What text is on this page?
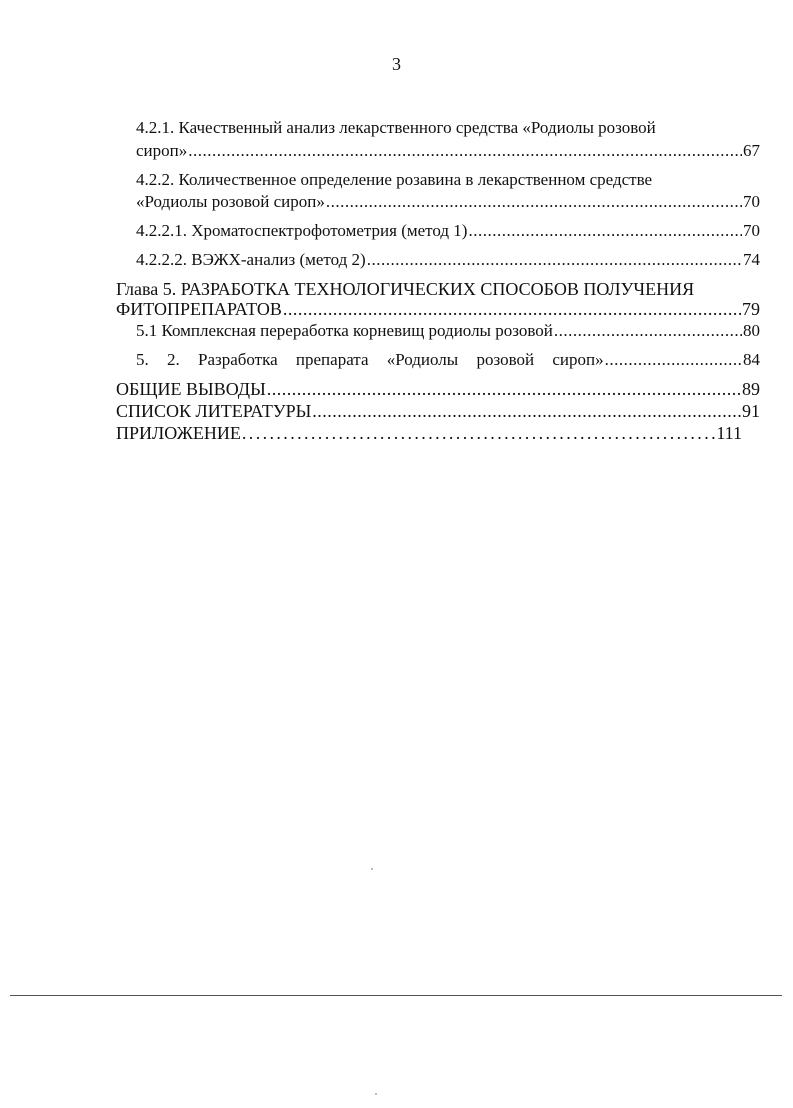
3
4.2.1. Качественный анализ лекарственного средства «Родиолы розовой
сироп» .....	67
4.2.2. Количественное определение розавина в лекарственном средстве
«Родиолы розовой сироп» .....	70
4.2.2.1. Хроматоспектрофотометрия (метод 1) .....	70
4.2.2.2. ВЭЖХ-анализ (метод 2) .....	74
Глава 5. РАЗРАБОТКА ТЕХНОЛОГИЧЕСКИХ СПОСОБОВ ПОЛУЧЕНИЯ
ФИТОПРЕПАРАТОВ .....	79
5.1 Комплексная переработка корневищ родиолы розовой .....	80
5. 2. Разработка препарата «Родиолы розовой сироп» .....	84
ОБЩИЕ ВЫВОДЫ .....	89
СПИСОК ЛИТЕРАТУРЫ .....	91
ПРИЛОЖЕНИЕ .....	111
